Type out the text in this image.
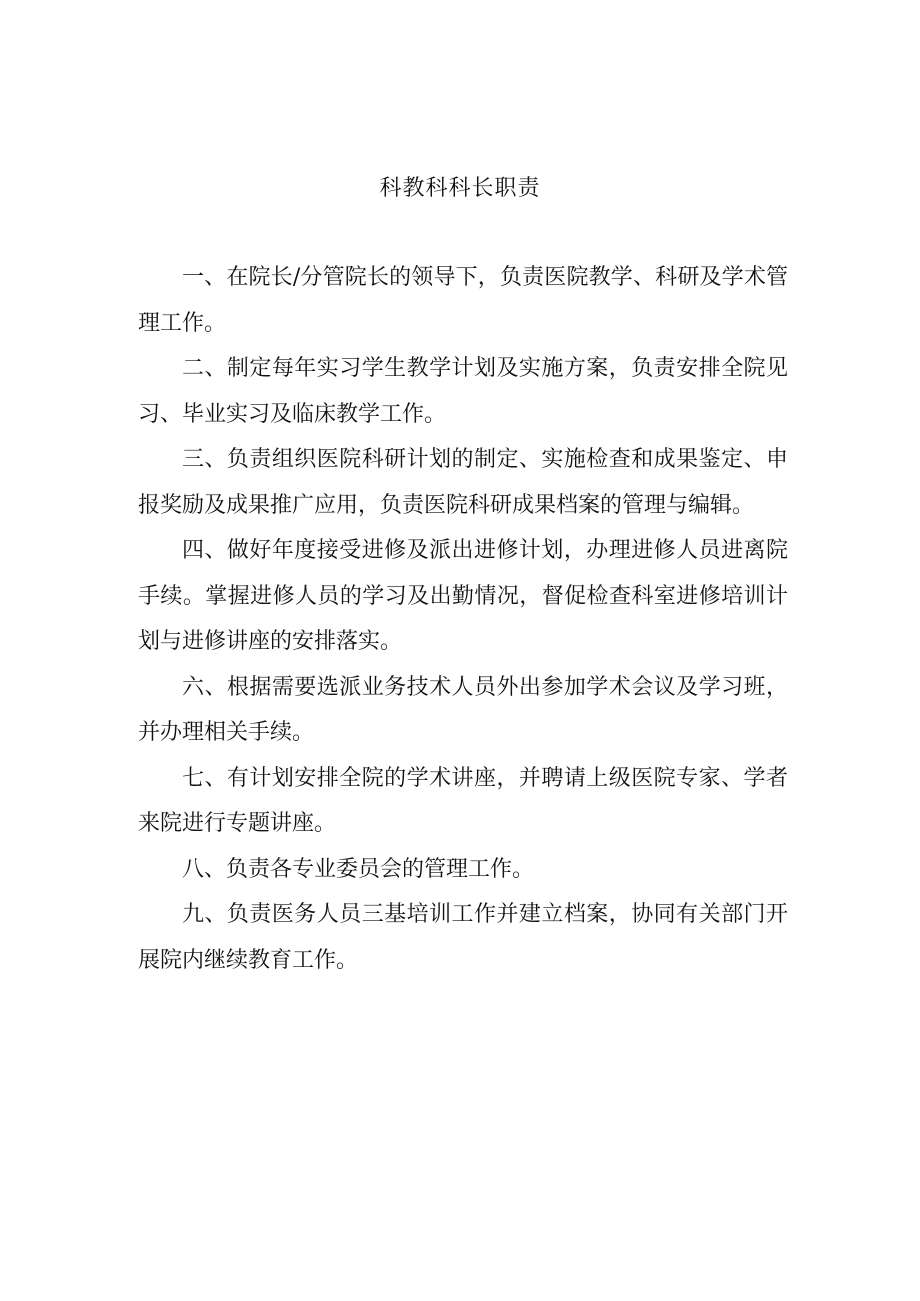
科教科科长职责

一、在院长/分管院长的领导下，负责医院教学、科研及学术管理工作。

二、制定每年实习学生教学计划及实施方案，负责安排全院见习、毕业实习及临床教学工作。

三、负责组织医院科研计划的制定、实施检查和成果鉴定、申报奖励及成果推广应用，负责医院科研成果档案的管理与编辑。

四、做好年度接受进修及派出进修计划，办理进修人员进离院手续。掌握进修人员的学习及出勤情况，督促检查科室进修培训计划与进修讲座的安排落实。

六、根据需要选派业务技术人员外出参加学术会议及学习班，并办理相关手续。

七、有计划安排全院的学术讲座，并聘请上级医院专家、学者来院进行专题讲座。

八、负责各专业委员会的管理工作。

九、负责医务人员三基培训工作并建立档案，协同有关部门开展院内继续教育工作。
